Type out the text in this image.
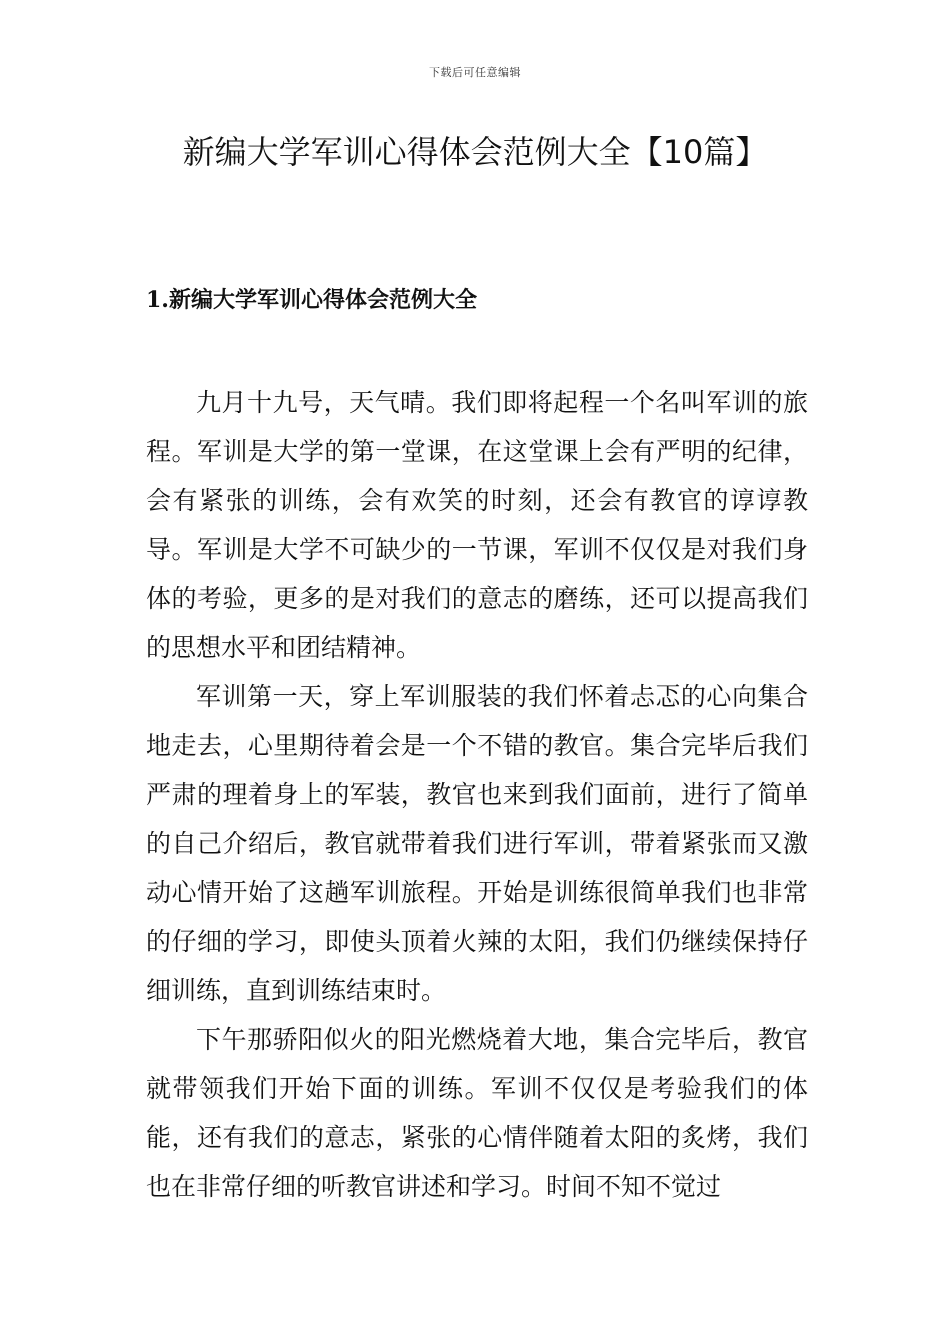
下载后可任意编辑
新编大学军训心得体会范例大全【10篇】
1.新编大学军训心得体会范例大全

九月十九号，天气晴。我们即将起程一个名叫军训的旅程。军训是大学的第一堂课，在这堂课上会有严明的纪律，会有紧张的训练，会有欢笑的时刻，还会有教官的谆谆教导。军训是大学不可缺少的一节课，军训不仅仅是对我们身体的考验，更多的是对我们的意志的磨练，还可以提高我们的思想水平和团结精神。

军训第一天，穿上军训服装的我们怀着忐忑的心向集合地走去，心里期待着会是一个不错的教官。集合完毕后我们严肃的理着身上的军装，教官也来到我们面前，进行了简单的自己介绍后，教官就带着我们进行军训，带着紧张而又激动心情开始了这趟军训旅程。开始是训练很简单我们也非常的仔细的学习，即使头顶着火辣的太阳，我们仍继续保持仔细训练，直到训练结束时。

下午那骄阳似火的阳光燃烧着大地，集合完毕后，教官就带领我们开始下面的训练。军训不仅仅是考验我们的体能，还有我们的意志，紧张的心情伴随着太阳的炙烤，我们也在非常仔细的听教官讲述和学习。时间不知不觉过
